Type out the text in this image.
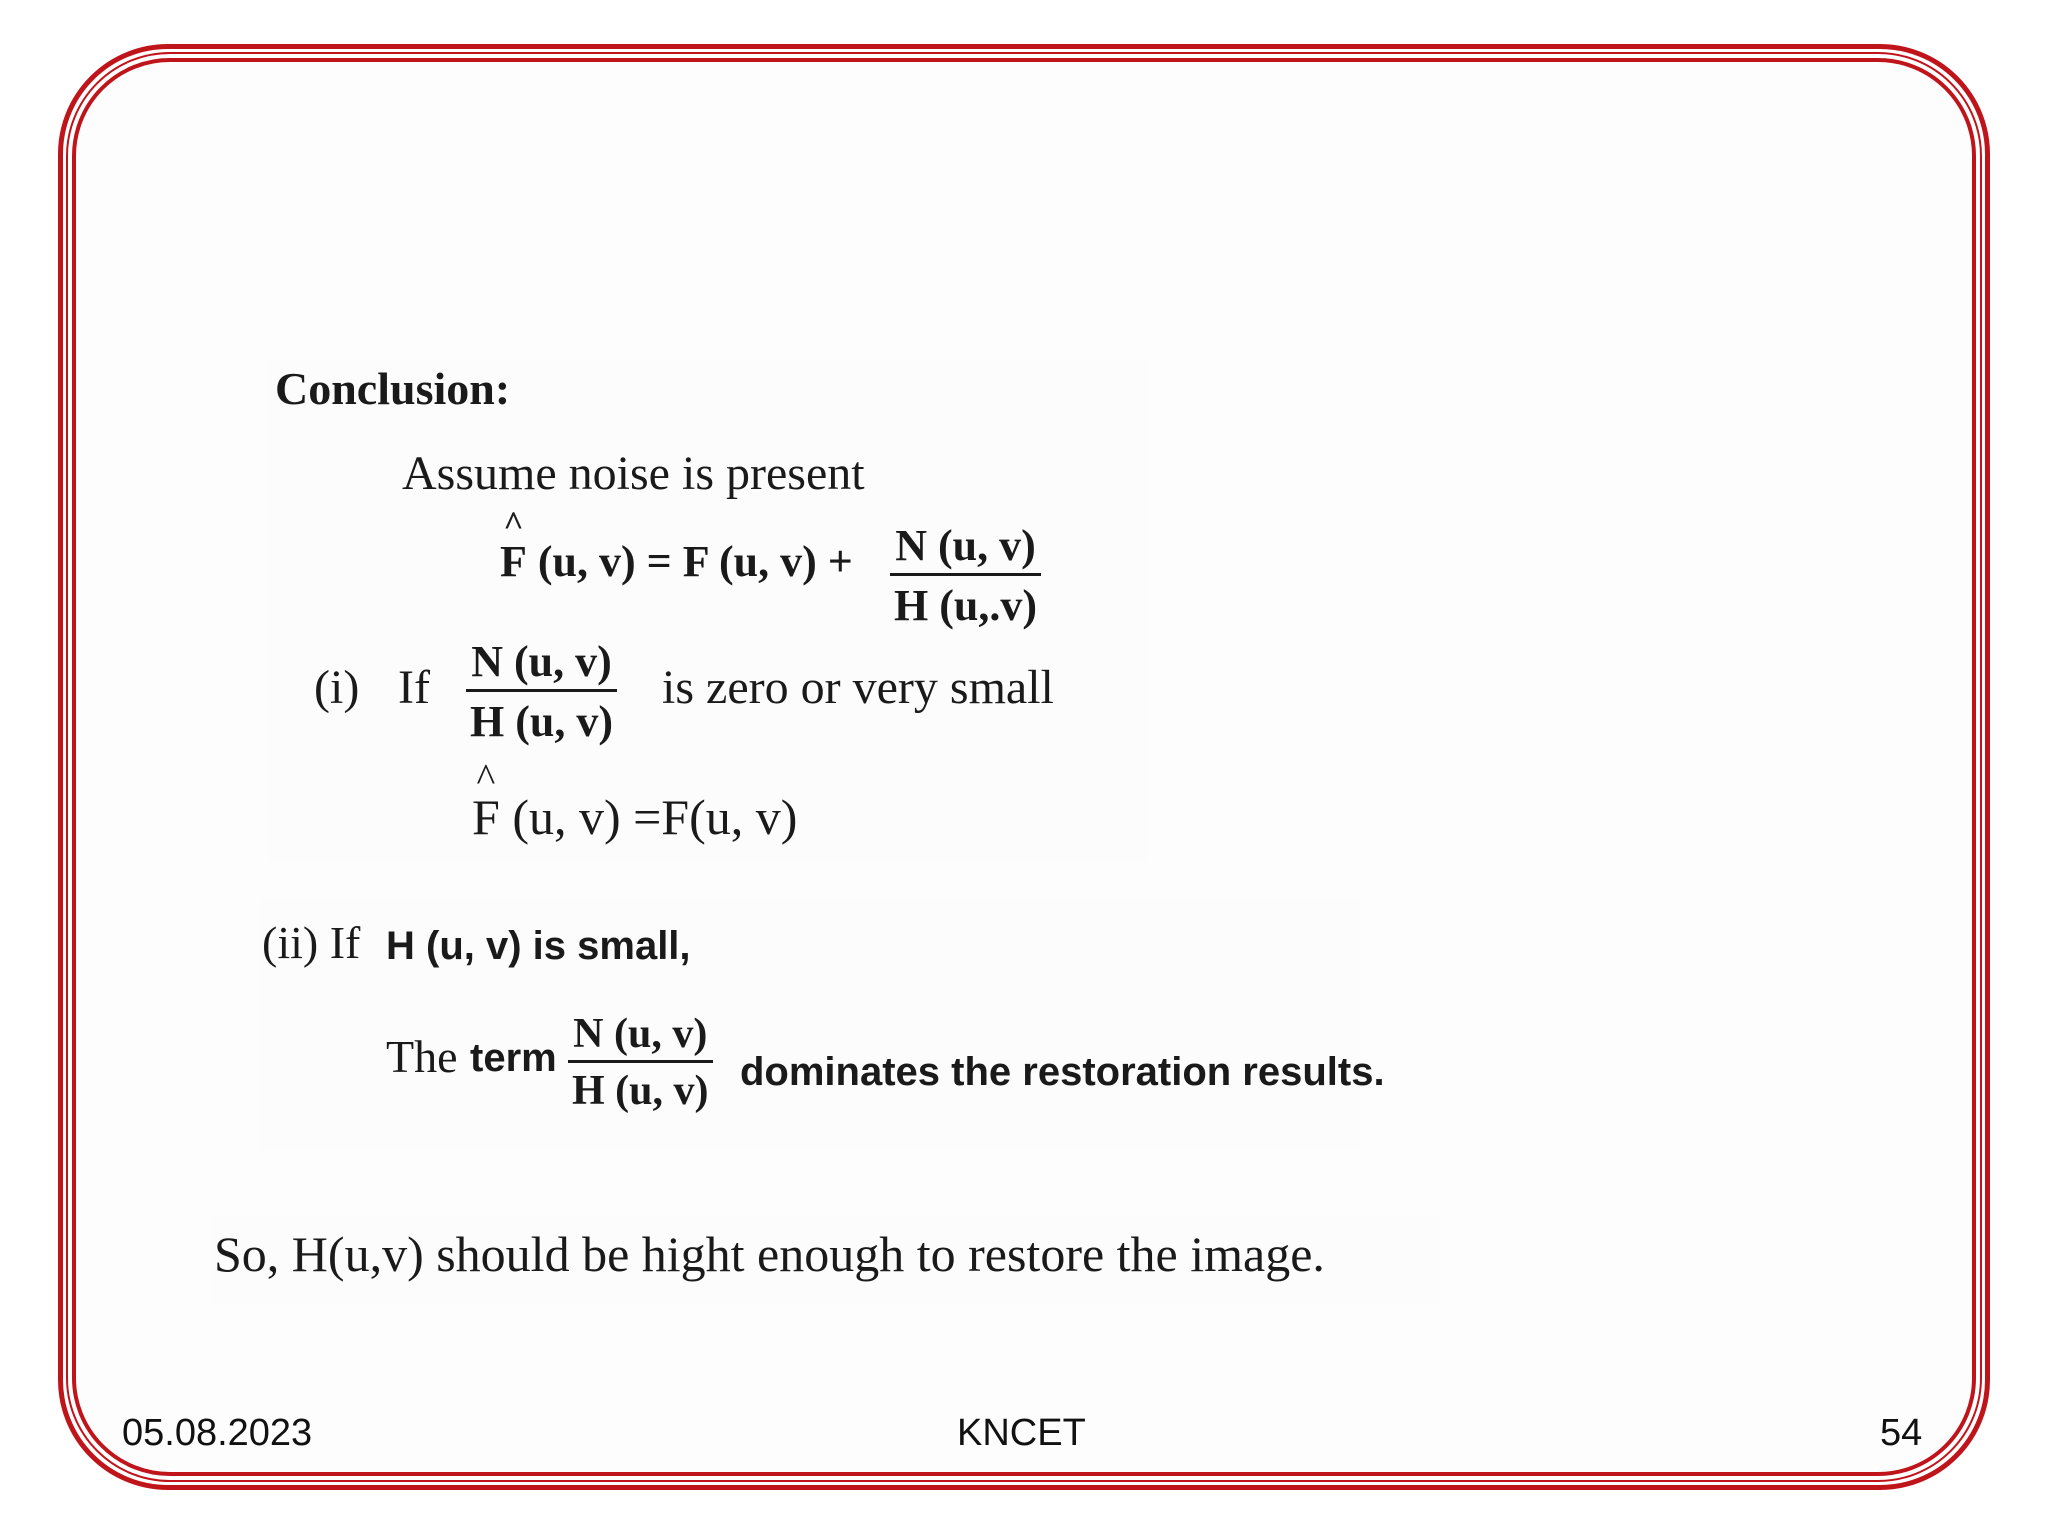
Conclusion:
Assume noise is present
^
F (u, v) = F (u, v) + N (u, v)
H (u,.v)
(i) If N (u, v)
H (u, v)
is zero or very small
^
F (u, v) =F(u, v)
(ii) If H (u, v) is small,
The term
N (u, v)
H (u, v) dominates the restoration results.
So, H(u,v) should be hight enough to restore the image.
05.08.2023	KNCET	54
